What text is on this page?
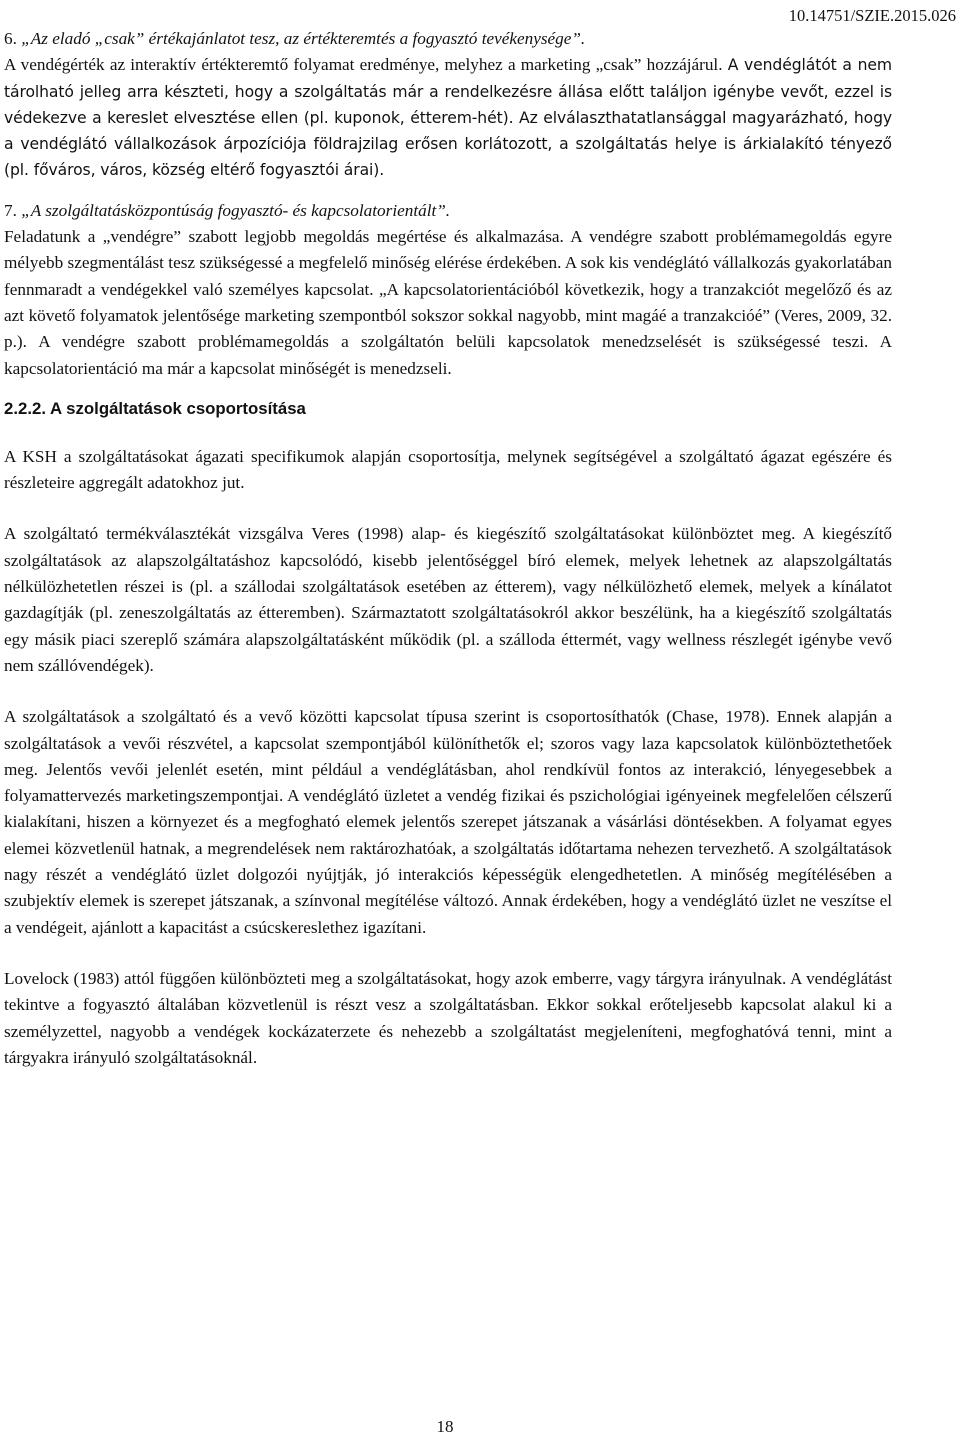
10.14751/SZIE.2015.026

6. „Az eladó „csak” értékajánlatot tesz, az értékteremtés a fogyasztó tevékenysége”.

A vendégérték az interaktív értékteremtő folyamat eredménye, melyhez a marketing „csak” hozzájárul. A vendéglátót a nem tárolható jelleg arra készteti, hogy a szolgáltatás már a rendelkezésre állása előtt találjon igénybe vevőt, ezzel is védekezve a kereslet elvesztése ellen (pl. kuponok, étterem-hét). Az elválaszthatatlansággal magyarázható, hogy a vendéglátó vállalkozások árpozíciója földrajzilag erősen korlátozott, a szolgáltatás helye is árkialakító tényező (pl. főváros, város, község eltérő fogyasztói árai).

7. „A szolgáltatásközpontúság fogyasztó- és kapcsolatorientált”.

Feladatunk a „vendégre” szabott legjobb megoldás megértése és alkalmazása. A vendégre szabott problémamegoldás egyre mélyebb szegmentálást tesz szükségessé a megfelelő minőség elérése érdekében. A sok kis vendéglátó vállalkozás gyakorlatában fennmaradt a vendégekkel való személyes kapcsolat. „A kapcsolatorientációból következik, hogy a tranzakciót megelőző és az azt követő folyamatok jelentősége marketing szempontból sokszor sokkal nagyobb, mint magáé a tranzakcióé” (Veres, 2009, 32. p.). A vendégre szabott problémamegoldás a szolgáltatón belüli kapcsolatok menedzselését is szükségessé teszi. A kapcsolatorientáció ma már a kapcsolat minőségét is menedzseli.

2.2.2. A szolgáltatások csoportosítása

A KSH a szolgáltatásokat ágazati specifikumok alapján csoportosítja, melynek segítségével a szolgáltató ágazat egészére és részleteire aggregált adatokhoz jut.

A szolgáltató termékválasztékát vizsgálva Veres (1998) alap- és kiegészítő szolgáltatásokat különböztet meg. A kiegészítő szolgáltatások az alapszolgáltatáshoz kapcsolódó, kisebb jelentőséggel bíró elemek, melyek lehetnek az alapszolgáltatás nélkülözhetetlen részei is (pl. a szállodai szolgáltatások esetében az étterem), vagy nélkülözhető elemek, melyek a kínálatot gazdagítják (pl. zeneszolgáltatás az étteremben). Származtatott szolgáltatásokról akkor beszélünk, ha a kiegészítő szolgáltatás egy másik piaci szereplő számára alapszolgáltatásként működik (pl. a szálloda éttermét, vagy wellness részlegét igénybe vevő nem szállóvendégek).

A szolgáltatások a szolgáltató és a vevő közötti kapcsolat típusa szerint is csoportosíthatók (Chase, 1978). Ennek alapján a szolgáltatások a vevői részvétel, a kapcsolat szempontjából különíthetők el; szoros vagy laza kapcsolatok különböztethetőek meg. Jelentős vevői jelenlét esetén, mint például a vendéglátásban, ahol rendkívül fontos az interakció, lényegesebbek a folyamattervezés marketingszempontjai. A vendéglátó üzletet a vendég fizikai és pszichológiai igényeinek megfelelően célszerű kialakítani, hiszen a környezet és a megfogható elemek jelentős szerepet játszanak a vásárlási döntésekben. A folyamat egyes elemei közvetlenül hatnak, a megrendelések nem raktározhatóak, a szolgáltatás időtartama nehezen tervezhető. A szolgáltatások nagy részét a vendéglátó üzlet dolgozói nyújtják, jó interakciós képességük elengedhetetlen. A minőség megítélésében a szubjektív elemek is szerepet játszanak, a színvonal megítélése változó. Annak érdekében, hogy a vendéglátó üzlet ne veszítse el a vendégeit, ajánlott a kapacitást a csúcskereslethez igazítani.

Lovelock (1983) attól függően különbözteti meg a szolgáltatásokat, hogy azok emberre, vagy tárgyra irányulnak. A vendéglátást tekintve a fogyasztó általában közvetlenül is részt vesz a szolgáltatásban. Ekkor sokkal erőteljesebb kapcsolat alakul ki a személyzettel, nagyobb a vendégek kockázaterzete és nehezebb a szolgáltatást megjeleníteni, megfoghatóvá tenni, mint a tárgyakra irányuló szolgáltatásoknál.

18
